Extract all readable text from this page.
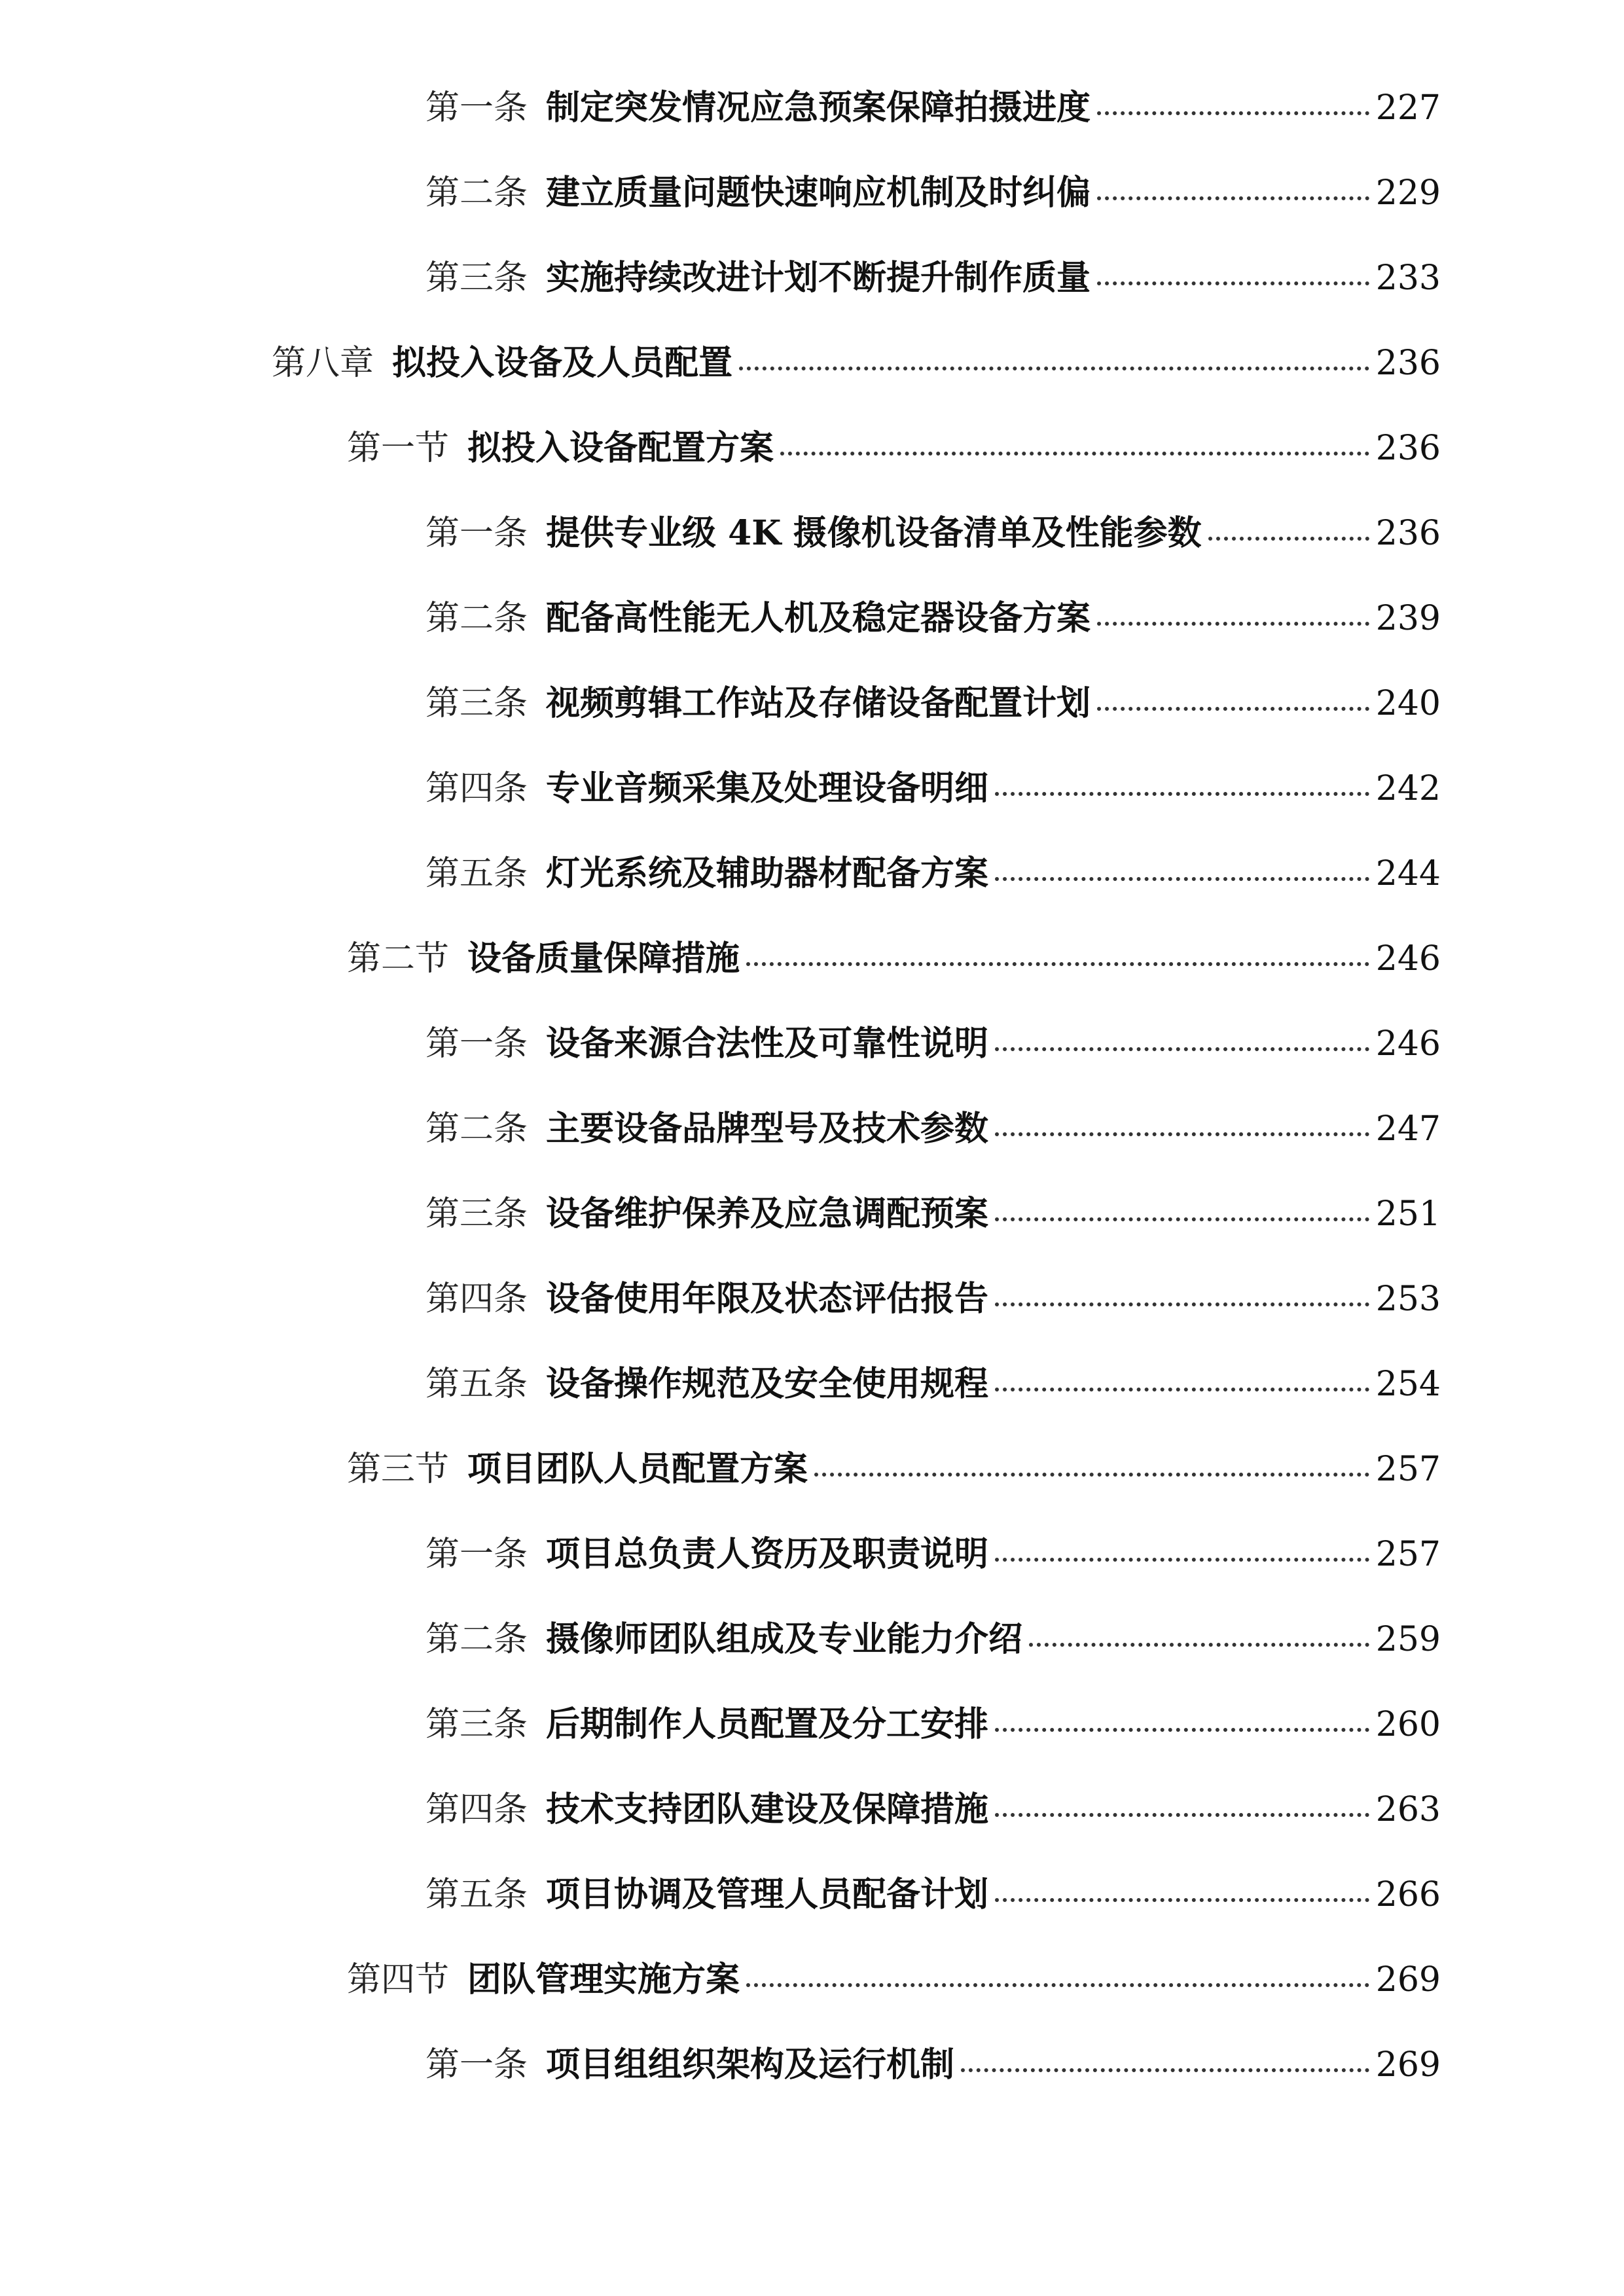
第一条 制定突发情况应急预案保障拍摄进度	227
第二条 建立质量问题快速响应机制及时纠偏	229
第三条 实施持续改进计划不断提升制作质量	233
第八章 拟投入设备及人员配置	236
第一节 拟投入设备配置方案	236
第一条 提供专业级 4K 摄像机设备清单及性能参数	236
第二条 配备高性能无人机及稳定器设备方案	239
第三条 视频剪辑工作站及存储设备配置计划	240
第四条 专业音频采集及处理设备明细	242
第五条 灯光系统及辅助器材配备方案	244
第二节 设备质量保障措施	246
第一条 设备来源合法性及可靠性说明	246
第二条 主要设备品牌型号及技术参数	247
第三条 设备维护保养及应急调配预案	251
第四条 设备使用年限及状态评估报告	253
第五条 设备操作规范及安全使用规程	254
第三节 项目团队人员配置方案	257
第一条 项目总负责人资历及职责说明	257
第二条 摄像师团队组成及专业能力介绍	259
第三条 后期制作人员配置及分工安排	260
第四条 技术支持团队建设及保障措施	263
第五条 项目协调及管理人员配备计划	266
第四节 团队管理实施方案	269
第一条 项目组组织架构及运行机制	269
